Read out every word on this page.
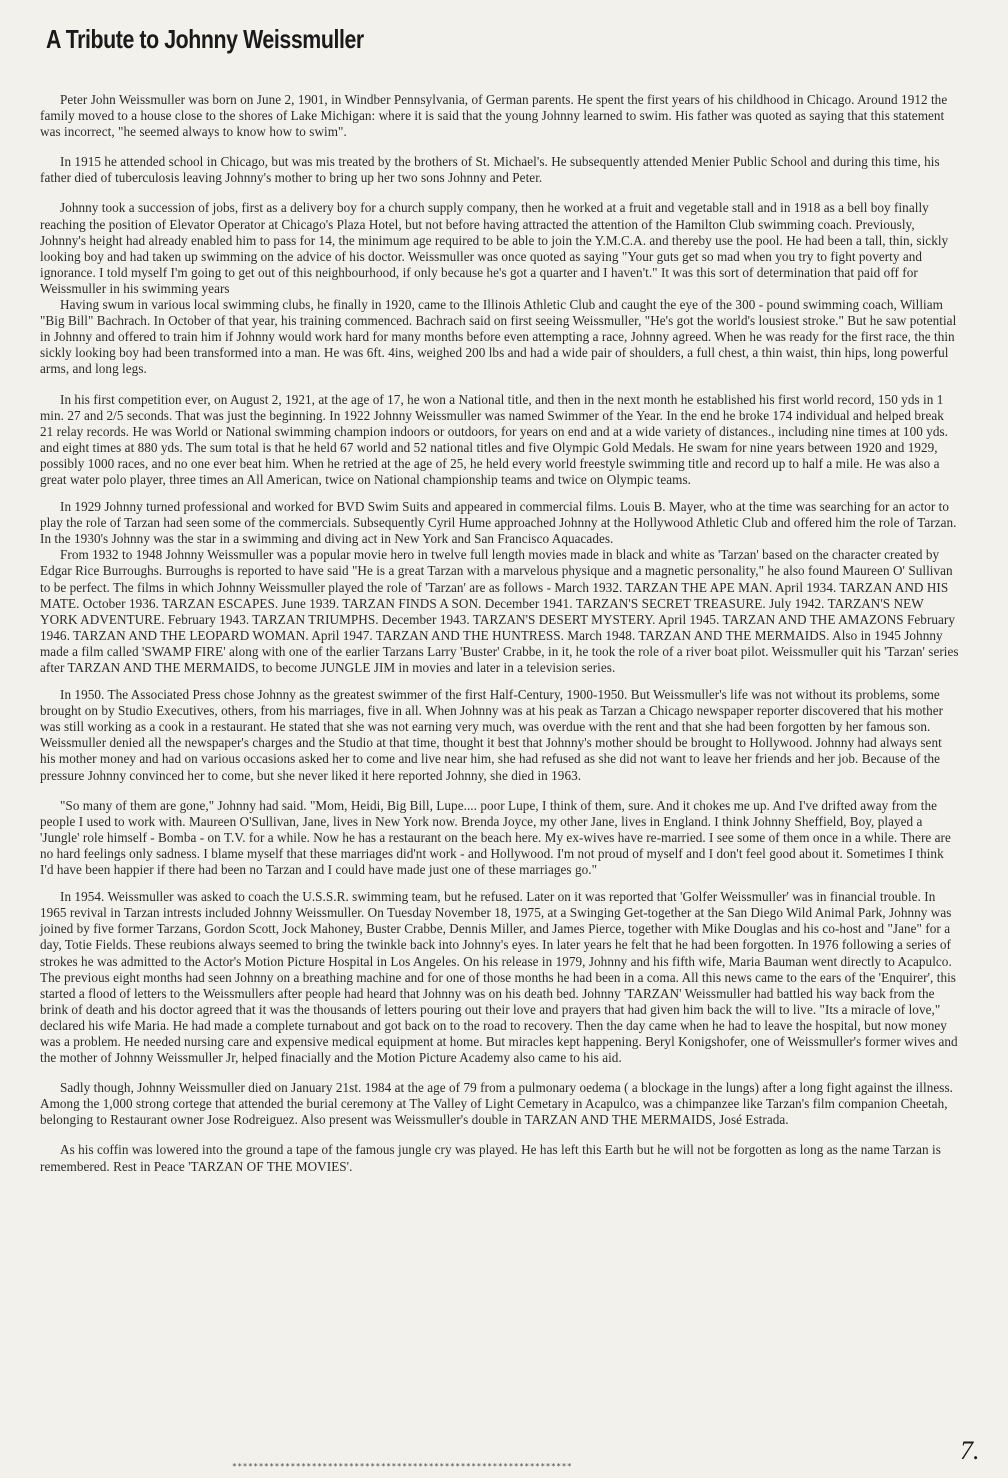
A Tribute to Johnny Weissmuller

Peter John Weissmuller was born on June 2, 1901, in Windber Pennsylvania, of German parents. He spent the first years of his childhood in Chicago. Around 1912 the family moved to a house close to the shores of Lake Michigan: where it is said that the young Johnny learned to swim. His father was quoted as saying that this statement was incorrect, "he seemed always to know how to swim".

In 1915 he attended school in Chicago, but was mis treated by the brothers of St. Michael's. He subsequently attended Menier Public School and during this time, his father died of tuberculosis leaving Johnny's mother to bring up her two sons Johnny and Peter.

Johnny took a succession of jobs, first as a delivery boy for a church supply company, then he worked at a fruit and vegetable stall and in 1918 as a bell boy finally reaching the position of Elevator Operator at Chicago's Plaza Hotel, but not before having attracted the attention of the Hamilton Club swimming coach. Previously, Johnny's height had already enabled him to pass for 14, the minimum age required to be able to join the Y.M.C.A. and thereby use the pool. He had been a tall, thin, sickly looking boy and had taken up swimming on the advice of his doctor. Weissmuller was once quoted as saying "Your guts get so mad when you try to fight poverty and ignorance. I told myself I'm going to get out of this neighbourhood, if only because he's got a quarter and I haven't." It was this sort of determination that paid off for Weissmuller in his swimming years

Having swum in various local swimming clubs, he finally in 1920, came to the Illinois Athletic Club and caught the eye of the 300 - pound swimming coach, William "Big Bill" Bachrach. In October of that year, his training commenced. Bachrach said on first seeing Weissmuller, "He's got the world's lousiest stroke." But he saw potential in Johnny and offered to train him if Johnny would work hard for many months before even attempting a race, Johnny agreed. When he was ready for the first race, the thin sickly looking boy had been transformed into a man. He was 6ft. 4ins, weighed 200 lbs and had a wide pair of shoulders, a full chest, a thin waist, thin hips, long powerful arms, and long legs.

In his first competition ever, on August 2, 1921, at the age of 17, he won a National title, and then in the next month he established his first world record, 150 yds in 1 min. 27 and 2/5 seconds. That was just the beginning. In 1922 Johnny Weissmuller was named Swimmer of the Year. In the end he broke 174 individual and helped break 21 relay records. He was World or National swimming champion indoors or outdoors, for years on end and at a wide variety of distances., including nine times at 100 yds. and eight times at 880 yds. The sum total is that he held 67 world and 52 national titles and five Olympic Gold Medals. He swam for nine years between 1920 and 1929, possibly 1000 races, and no one ever beat him. When he retried at the age of 25, he held every world freestyle swimming title and record up to half a mile. He was also a great water polo player, three times an All American, twice on National championship teams and twice on Olympic teams.

In 1929 Johnny turned professional and worked for BVD Swim Suits and appeared in commercial films. Louis B. Mayer, who at the time was searching for an actor to play the role of Tarzan had seen some of the commercials. Subsequently Cyril Hume approached Johnny at the Hollywood Athletic Club and offered him the role of Tarzan. In the 1930's Johnny was the star in a swimming and diving act in New York and San Francisco Aquacades.

From 1932 to 1948 Johnny Weissmuller was a popular movie hero in twelve full length movies made in black and white as 'Tarzan' based on the character created by Edgar Rice Burroughs. Burroughs is reported to have said "He is a great Tarzan with a marvelous physique and a magnetic personality," he also found Maureen O' Sullivan to be perfect. The films in which Johnny Weissmuller played the role of 'Tarzan' are as follows - March 1932. TARZAN THE APE MAN. April 1934. TARZAN AND HIS MATE. October 1936. TARZAN ESCAPES. June 1939. TARZAN FINDS A SON. December 1941. TARZAN'S SECRET TREASURE. July 1942. TARZAN'S NEW YORK ADVENTURE. February 1943. TARZAN TRIUMPHS. December 1943. TARZAN'S DESERT MYSTERY. April 1945. TARZAN AND THE AMAZONS February 1946. TARZAN AND THE LEOPARD WOMAN. April 1947. TARZAN AND THE HUNTRESS. March 1948. TARZAN AND THE MERMAIDS. Also in 1945 Johnny made a film called 'SWAMP FIRE' along with one of the earlier Tarzans Larry 'Buster' Crabbe, in it, he took the role of a river boat pilot. Weissmuller quit his 'Tarzan' series after TARZAN AND THE MERMAIDS, to become JUNGLE JIM in movies and later in a television series.

In 1950. The Associated Press chose Johnny as the greatest swimmer of the first Half-Century, 1900-1950. But Weissmuller's life was not without its problems, some brought on by Studio Executives, others, from his marriages, five in all. When Johnny was at his peak as Tarzan a Chicago newspaper reporter discovered that his mother was still working as a cook in a restaurant. He stated that she was not earning very much, was overdue with the rent and that she had been forgotten by her famous son. Weissmuller denied all the newspaper's charges and the Studio at that time, thought it best that Johnny's mother should be brought to Hollywood. Johnny had always sent his mother money and had on various occasions asked her to come and live near him, she had refused as she did not want to leave her friends and her job. Because of the pressure Johnny convinced her to come, but she never liked it here reported Johnny, she died in 1963.

"So many of them are gone," Johnny had said. "Mom, Heidi, Big Bill, Lupe.... poor Lupe, I think of them, sure. And it chokes me up. And I've drifted away from the people I used to work with. Maureen O'Sullivan, Jane, lives in New York now. Brenda Joyce, my other Jane, lives in England. I think Johnny Sheffield, Boy, played a 'Jungle' role himself - Bomba - on T.V. for a while. Now he has a restaurant on the beach here. My ex-wives have re-married. I see some of them once in a while. There are no hard feelings only sadness. I blame myself that these marriages did'nt work - and Hollywood. I'm not proud of myself and I don't feel good about it. Sometimes I think I'd have been happier if there had been no Tarzan and I could have made just one of these marriages go."

In 1954. Weissmuller was asked to coach the U.S.S.R. swimming team, but he refused. Later on it was reported that 'Golfer Weissmuller' was in financial trouble. In 1965 revival in Tarzan intrests included Johnny Weissmuller. On Tuesday November 18, 1975, at a Swinging Get-together at the San Diego Wild Animal Park, Johnny was joined by five former Tarzans, Gordon Scott, Jock Mahoney, Buster Crabbe, Dennis Miller, and James Pierce, together with Mike Douglas and his co-host and "Jane" for a day, Totie Fields. These reubions always seemed to bring the twinkle back into Johnny's eyes. In later years he felt that he had been forgotten. In 1976 following a series of strokes he was admitted to the Actor's Motion Picture Hospital in Los Angeles. On his release in 1979, Johnny and his fifth wife, Maria Bauman went directly to Acapulco. The previous eight months had seen Johnny on a breathing machine and for one of those months he had been in a coma. All this news came to the ears of the 'Enquirer', this started a flood of letters to the Weissmullers after people had heard that Johnny was on his death bed. Johnny 'TARZAN' Weissmuller had battled his way back from the brink of death and his doctor agreed that it was the thousands of letters pouring out their love and prayers that had given him back the will to live. "Its a miracle of love," declared his wife Maria. He had made a complete turnabout and got back on to the road to recovery. Then the day came when he had to leave the hospital, but now money was a problem. He needed nursing care and expensive medical equipment at home. But miracles kept happening. Beryl Konigshofer, one of Weissmuller's former wives and the mother of Johnny Weissmuller Jr, helped finacially and the Motion Picture Academy also came to his aid.

Sadly though, Johnny Weissmuller died on January 21st. 1984 at the age of 79 from a pulmonary oedema ( a blockage in the lungs) after a long fight against the illness. Among the 1,000 strong cortege that attended the burial ceremony at The Valley of Light Cemetary in Acapulco, was a chimpanzee like Tarzan's film companion Cheetah, belonging to Restaurant owner Jose Rodreiguez. Also present was Weissmuller's double in TARZAN AND THE MERMAIDS, José Estrada.

As his coffin was lowered into the ground a tape of the famous jungle cry was played. He has left this Earth but he will not be forgotten as long as the name Tarzan is remembered. Rest in Peace 'TARZAN OF THE MOVIES'.

7.
****************************************************************
